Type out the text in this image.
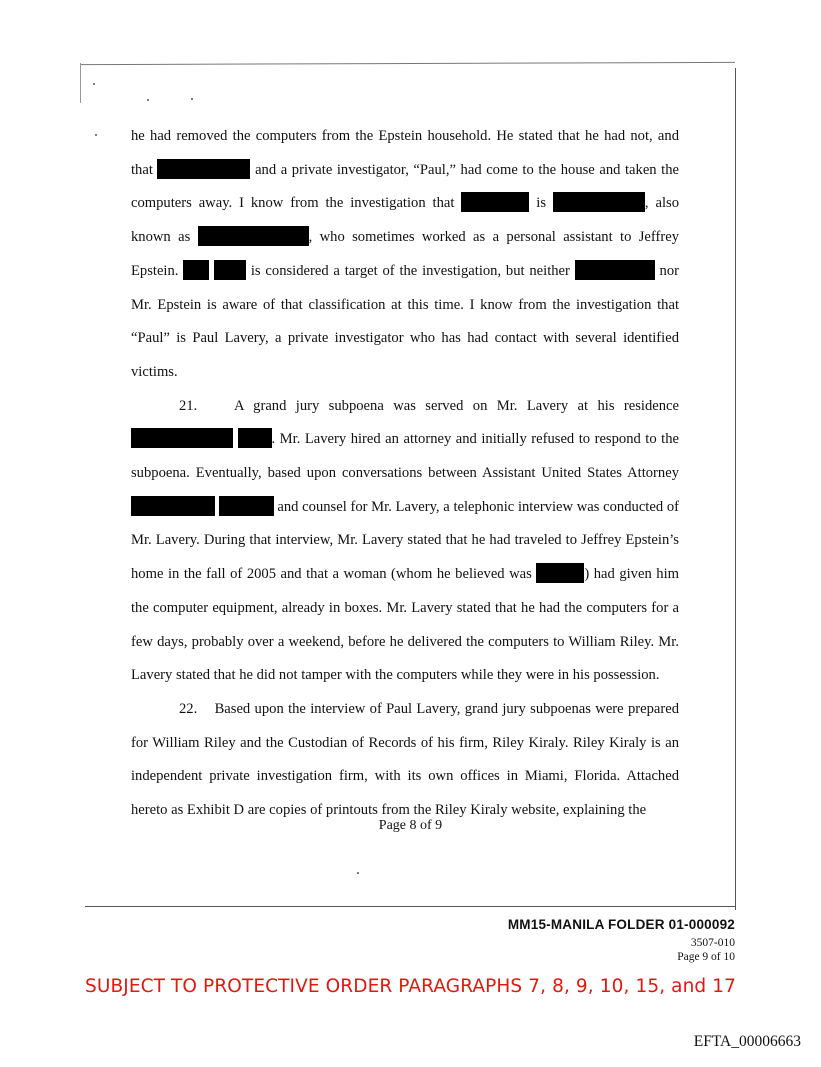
he had removed the computers from the Epstein household. He stated that he had not, and that	and a private investigator, “Paul,” had come to the house and taken the computers away. I know from the investigation that	is	, also known as	, who sometimes worked as a personal assistant to Jeffrey Epstein.	is considered a target of the investigation, but neither	nor Mr. Epstein is aware of that classification at this time. I know from the investigation that “Paul” is Paul Lavery, a private investigator who has had contact with several identified victims.

21.	A grand jury subpoena was served on Mr. Lavery at his residence  . Mr. Lavery hired an attorney and initially refused to respond to the subpoena. Eventually, based upon conversations between Assistant United States Attorney   and counsel for Mr. Lavery, a telephonic interview was conducted of Mr. Lavery. During that interview, Mr. Lavery stated that he had traveled to Jeffrey Epstein’s home in the fall of 2005 and that a woman (whom he believed was	) had given him the computer equipment, already in boxes. Mr. Lavery stated that he had the computers for a few days, probably over a weekend, before he delivered the computers to William Riley. Mr. Lavery stated that he did not tamper with the computers while they were in his possession.

22. Based upon the interview of Paul Lavery, grand jury subpoenas were prepared for William Riley and the Custodian of Records of his firm, Riley Kiraly. Riley Kiraly is an independent private investigation firm, with its own offices in Miami, Florida. Attached hereto as Exhibit D are copies of printouts from the Riley Kiraly website, explaining the

Page 8 of 9
MM15-MANILA FOLDER 01-000092
3507-010
Page 9 of 10
SUBJECT TO PROTECTIVE ORDER PARAGRAPHS 7, 8, 9, 10, 15, and 17
EFTA_00006663
